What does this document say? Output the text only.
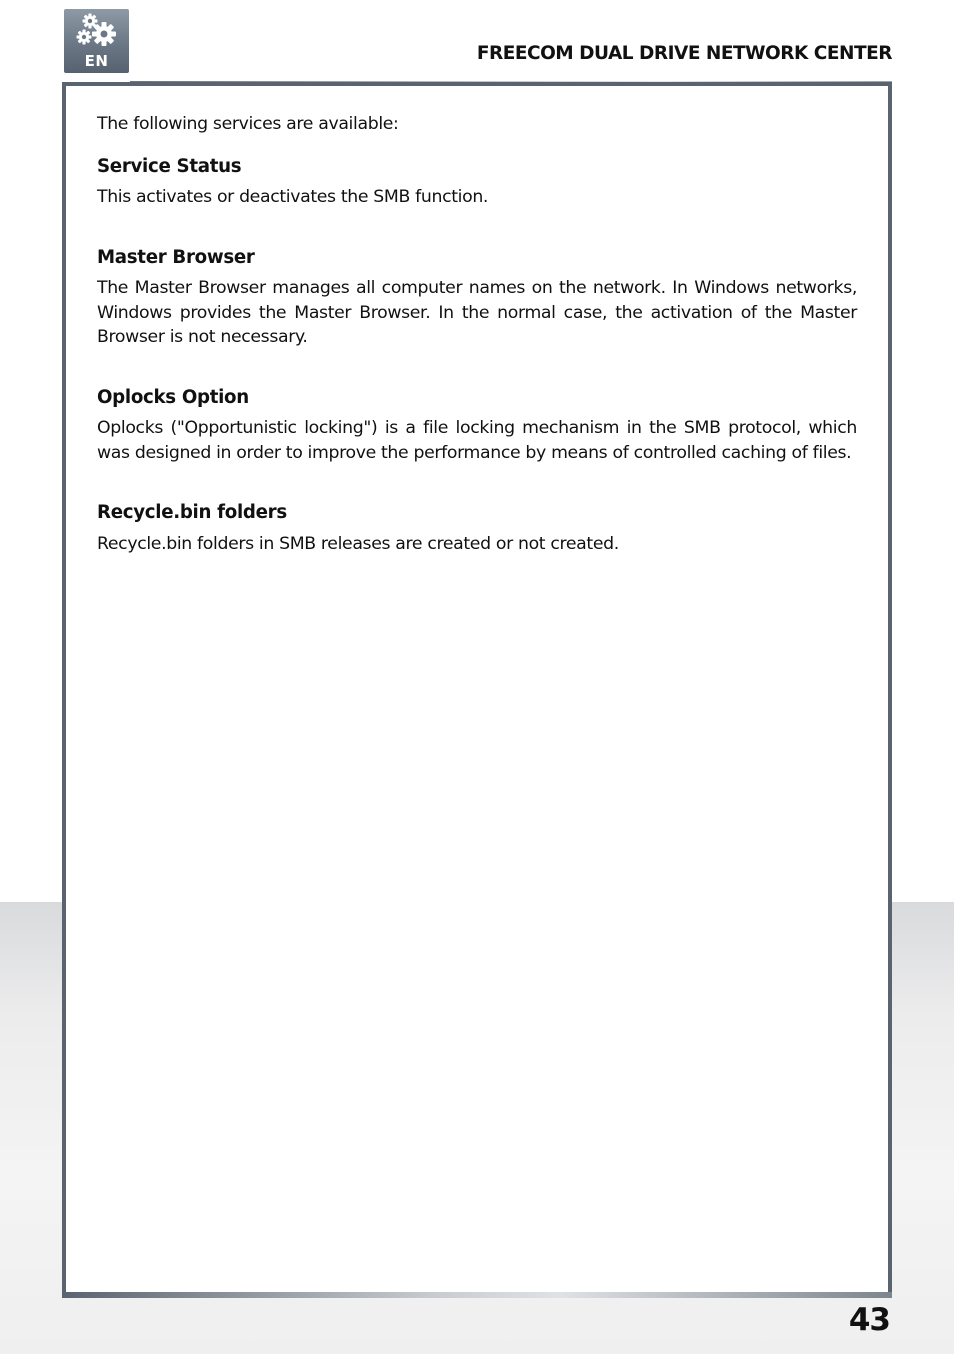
EN	FREECOM DUAL DRIVE NETWORK CENTER

The following services are available:

Service Status

This activates or deactivates the SMB function.

Master Browser

The Master Browser manages all computer names on the network. In Windows networks, Windows provides the Master Browser. In the normal case, the activation of the Master Browser is not necessary.

Oplocks Option

Oplocks ("Opportunistic locking") is a file locking mechanism in the SMB protocol, which was designed in order to improve the performance by means of controlled caching of files.

Recycle.bin folders

Recycle.bin folders in SMB releases are created or not created.

43
